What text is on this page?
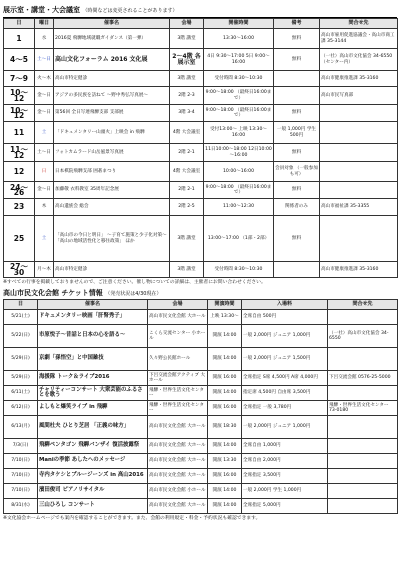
展示室・講堂・大会議室 （時間などは変更されることがあります）
日	曜日	催事名	会場	開催時間	備考	問合せ先
1	水	2016夏 飛騨地域就職ガイダンス（第一弾）	3階 講堂	13:30～16:00	無料	高山市雇用促進協議会・高山市商工課 35-3144
4～5	土～日	高山文化フォーラム 2016 文化展	2～4階 各展示室	4日 9:30～17:00 5日 9:00～16:00	無料	（一社）高山市文化協会 34-6550 （センター内）
7～9	火～木	高山市特定健診	3階 講堂	受付時間 8:30～10:30		高山市健康推進課 35-3160
10～12	金～日	アジアの多民族を訪ねて ～野中秀弘写真展～	2階 2-3	9:00～18:00 （最終日16:00まで）		高山市民写真部
10～12	金～日	第56回 全日写連飛騨支部 支部展	3階 3-4	9:00～18:00 （最終日16:00まで）	無料	
11	土	「ドキュメンタリー山頭火」上映会 in 飛騨	4階 大会議室	受付13:00～ 上映 13:30～16:00	一般 1,000円 学生 500円	
11～12	土～日	フォトカムラード山岳風景写真展	2階 2-1	11日10:00～18:00 12日10:00～16:00	無料	
12	日	日本棋院飛騨支部 囲碁まつり	4階 大会議室	10:00～16:00	会員対象 （一般参加も可）	
24～26	金～日	加藤敬 衣料教室 35周年記念展	2階 2-1	9:00～18:00 （最終日16:00まで）	無料	
23	木	高山遺族会 総会	2階 2-5	11:00～12:30	関係者のみ	高山市福祉課 35-3355
25	土	「高山市の今日と明日」 ～子育て施策と少子化対策～ 「高山の地域活性化と移住政策」 ほか	3階 講堂	13:00～17:00 （1部・2部）	無料	
27～30	月～木	高山市特定健診	3階 講堂	受付時間 8:30～10:30		高山市健康推進課 35-3160
※すべての行事を掲載しておりませんので、ご注意ください。催し物についての詳細は、主催者にお問い合わせください。
高山市民文化会館 チケット情報 （発売状況は4/30現在）
日	催事名	会場	開演時間	入場料	問合せ先
5/21(土)	ドキュメンタリー映画「肝腎秀子」	高山市民文化会館 大ホール	上映 13:30～	全席自由 500円	
5/22(日)	市原悦子～昔話と日本の心を語る～	こくら交流センター 小ホール	開演 14:00	一般 2,000円 ジュニア 1,000円	（一社）高山市文化協会 34-6550
5/29(日)	京劇「孫悟空」と中国雑技	久々野公民館ホール	開演 14:00	一般 2,000円 ジュニア 1,500円	
5/29(日)	海援隊 トーク＆ライブ2016	下呂交流会館アクティブ 大ホール	開演 16:00	全席指定 S席 4,500円 A席 4,000円	下呂交流会館 0576-25-5000
6/11(土)	チャリティーコンサート 大衆芸能のふるさとを歌う	飛騨・世界生活文化センター	開演 14:00	指定席 4,500円 自由席 3,500円	
6/12(日)	よしもと爆笑ライブ in 飛騨	飛騨・世界生活文化センター	開演 16:00	全席指定 一般 3,780円	飛騨・世界生活文化センター 73-0180
6/13(月)	風間杜夫 ひとり芝居 「正義の味方」	高山市民文化会館 大ホール	開演 18:30	一般 2,000円 ジュニア 1,000円	
7/3(日)	飛騨ペンタゴン 飛騨バンザイ 復活披露祭	高山市民文化会館 大ホール	開演 14:00	全席自由 1,000円	
7/10(日)	Maniの季節 あしたへのメッセージ	高山市民文化会館 大ホール	開演 13:30	全席自由 2,000円	
7/10(日)	寺内タケシとブルージーンズ in 高山2016	高山市民文化会館 大ホール	開演 16:00	全席指定 3,500円	
7/10(日)	濱田俊司 ピアノリサイタル	高山市民文化会館 小ホール	開演 14:00	一般 2,000円 学生 1,000円	
8/31(水)	三山ひろし コンサート	高山市民文化会館 大ホール	開演 14:00	全席指定 5,000円	
※文化協会ホームページでも案内を確認することができます。また、会館の利用規定・料金・予約状況も確認できます。
